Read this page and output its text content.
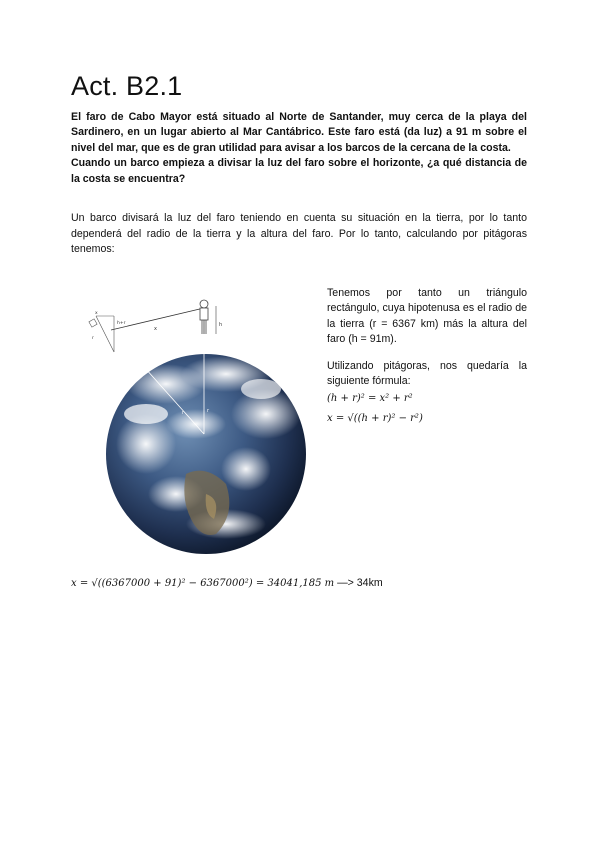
Act. B2.1
El faro de Cabo Mayor está situado al Norte de Santander, muy cerca de la playa del Sardinero, en un lugar abierto al Mar Cantábrico. Este faro está (da luz) a 91 m sobre el nivel del mar, que es de gran utilidad para avisar a los barcos de la cercana de la costa.
Cuando un barco empieza a divisar la luz del faro sobre el horizonte, ¿a qué distancia de la costa se encuentra?

Un barco divisará la luz del faro teniendo en cuenta su situación en la tierra, por lo tanto dependerá del radio de la tierra y la altura del faro. Por lo tanto, calculando por pitágoras tenemos:

h
x
r
r
x
h+r
r

Tenemos por tanto un triángulo rectángulo, cuya hipotenusa es el radio de la tierra (r = 6367 km) más la altura del faro (h = 91m).

Utilizando pitágoras, nos quedaría la siguiente fórmula:

(h + r)² = x² + r²
x = √((h + r)² − r²)
x = √((6367000 + 91)² − 6367000²) = 34041,185 m —> 34km
